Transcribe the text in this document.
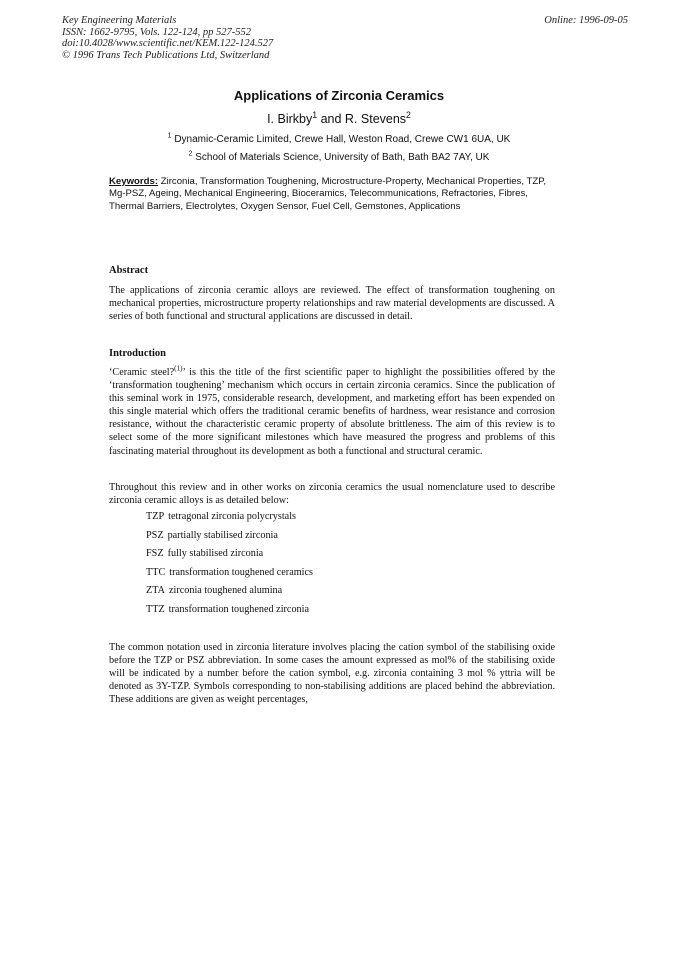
Key Engineering Materials
ISSN: 1662-9795, Vols. 122-124, pp 527-552
doi:10.4028/www.scientific.net/KEM.122-124.527
© 1996 Trans Tech Publications Ltd, Switzerland
Online: 1996-09-05
Applications of Zirconia Ceramics
I. Birkby$^1$ and R. Stevens$^2$
$^1$ Dynamic-Ceramic Limited, Crewe Hall, Weston Road, Crewe CW1 6UA, UK
$^2$ School of Materials Science, University of Bath, Bath BA2 7AY, UK
Keywords: Zirconia, Transformation Toughening, Microstructure-Property, Mechanical Properties, TZP, Mg-PSZ, Ageing, Mechanical Engineering, Bioceramics, Telecommunications, Refractories, Fibres, Thermal Barriers, Electrolytes, Oxygen Sensor, Fuel Cell, Gemstones, Applications
Abstract
The applications of zirconia ceramic alloys are reviewed. The effect of transformation toughening on mechanical properties, microstructure property relationships and raw material developments are discussed. A series of both functional and structural applications are discussed in detail.
Introduction
‘Ceramic steel?$^{(1)}$’ is this the title of the first scientific paper to highlight the possibilities offered by the ‘transformation toughening’ mechanism which occurs in certain zirconia ceramics. Since the publication of this seminal work in 1975, considerable research, development, and marketing effort has been expended on this single material which offers the traditional ceramic benefits of hardness, wear resistance and corrosion resistance, without the characteristic ceramic property of absolute brittleness. The aim of this review is to select some of the more significant milestones which have measured the progress and problems of this fascinating material throughout its development as both a functional and structural ceramic.
Throughout this review and in other works on zirconia ceramics the usual nomenclature used to describe zirconia ceramic alloys is as detailed below:
TZP tetragonal zirconia polycrystals
PSZ partially stabilised zirconia
FSZ fully stabilised zirconia
TTC transformation toughened ceramics
ZTA zirconia toughened alumina
TTZ transformation toughened zirconia
The common notation used in zirconia literature involves placing the cation symbol of the stabilising oxide before the TZP or PSZ abbreviation. In some cases the amount expressed as mol% of the stabilising oxide will be indicated by a number before the cation symbol, e.g. zirconia containing 3 mol % yttria will be denoted as 3Y-TZP. Symbols corresponding to non-stabilising additions are placed behind the abbreviation. These additions are given as weight percentages,
